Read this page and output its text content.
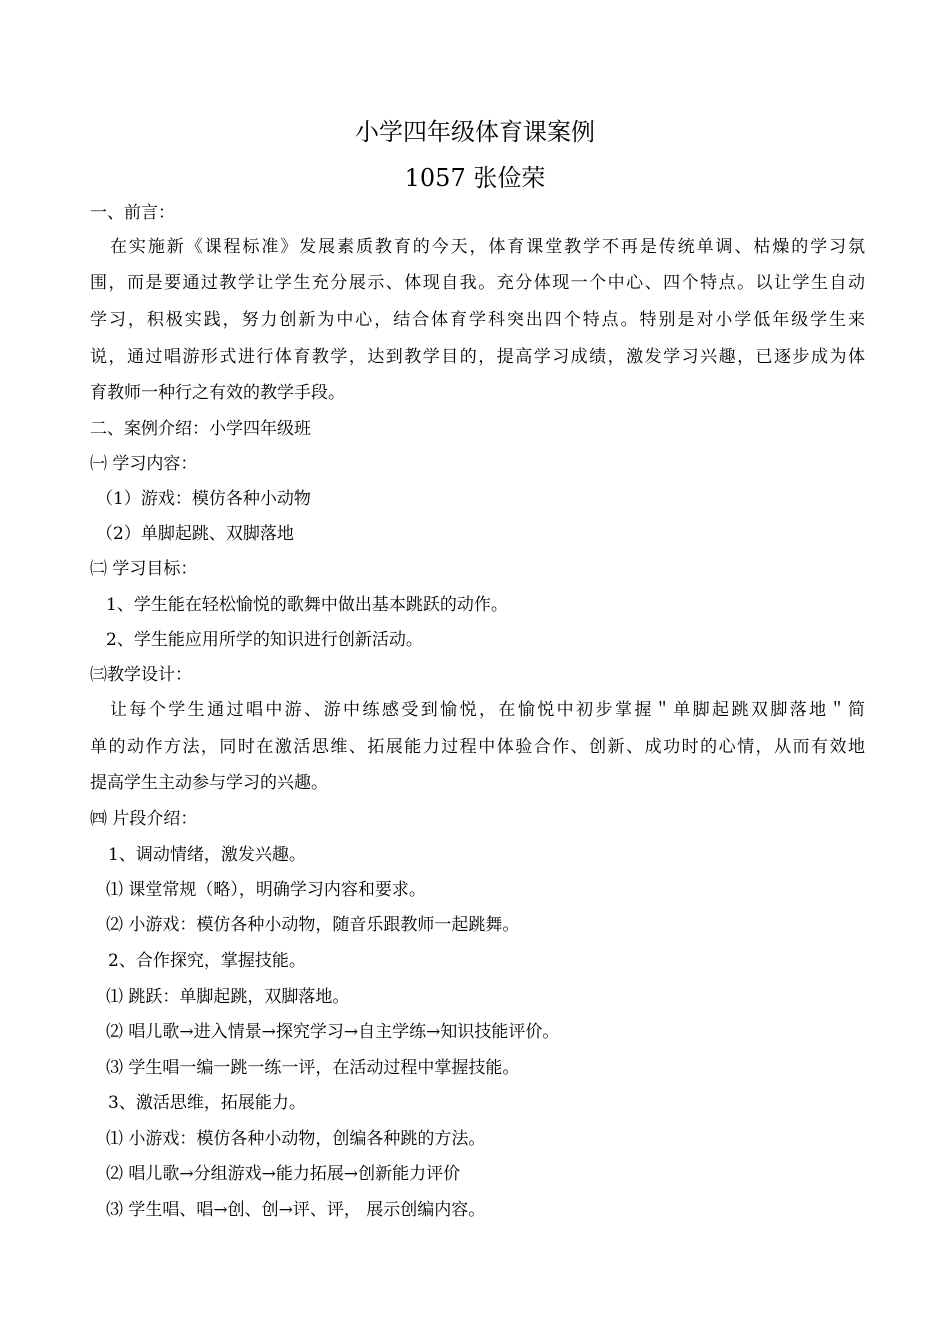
小学四年级体育课案例
1057 张俭荣
一、前言：
在实施新《课程标准》发展素质教育的今天，体育课堂教学不再是传统单调、枯燥的学习氛
围，而是要通过教学让学生充分展示、体现自我。充分体现一个中心、四个特点。以让学生自动
学习，积极实践，努力创新为中心，结合体育学科突出四个特点。特别是对小学低年级学生来
说，通过唱游形式进行体育教学，达到教学目的，提高学习成绩，激发学习兴趣，已逐步成为体
育教师一种行之有效的教学手段。
二、案例介绍：小学四年级班
㈠ 学习内容：
（1）游戏：模仿各种小动物
（2）单脚起跳、双脚落地
㈡ 学习目标：
1、学生能在轻松愉悦的歌舞中做出基本跳跃的动作。
2、学生能应用所学的知识进行创新活动。
㈢教学设计：
让每个学生通过唱中游、游中练感受到愉悦，在愉悦中初步掌握＂单脚起跳双脚落地＂简
单的动作方法，同时在激活思维、拓展能力过程中体验合作、创新、成功时的心情，从而有效地
提高学生主动参与学习的兴趣。
㈣ 片段介绍：
1、调动情绪，激发兴趣。
⑴ 课堂常规（略），明确学习内容和要求。
⑵ 小游戏：模仿各种小动物，随音乐跟教师一起跳舞。
2、合作探究，掌握技能。
⑴ 跳跃：单脚起跳，双脚落地。
⑵ 唱儿歌→进入情景→探究学习→自主学练→知识技能评价。
⑶ 学生唱一编一跳一练一评，在活动过程中掌握技能。
3、激活思维，拓展能力。
⑴ 小游戏：模仿各种小动物，创编各种跳的方法。
⑵ 唱儿歌→分组游戏→能力拓展→创新能力评价
⑶ 学生唱、唱→创、创→评、评， 展示创编内容。
